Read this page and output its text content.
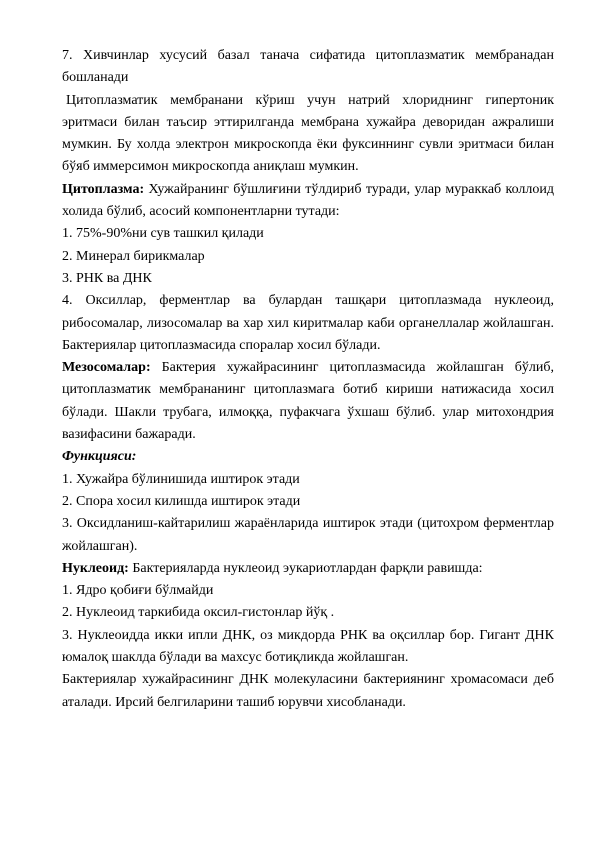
7. Хивчинлар хусусий базал танача сифатида цитоплазматик мембранадан бошланади

Цитоплазматик мембранани кўриш учун натрий хлориднинг гипертоник эритмаси билан таъсир эттирилганда мембрана хужайра деворидан ажралиши мумкин. Бу холда электрон микроскопда ёки фуксиннинг сувли эритмаси билан бўяб иммерсимон микроскопда аниқлаш мумкин.

Цитоплазма: Хужайранинг бўшлиғини тўлдириб туради, улар мураккаб коллоид холида бўлиб, асосий компонентларни тутади:

1. 75%-90%ни сув ташкил қилади

2. Минерал бирикмалар

3. РНК ва ДНК

4. Оксиллар, ферментлар ва булардан ташқари цитоплазмада нуклеоид, рибосомалар, лизосомалар ва хар хил киритмалар каби органеллалар жойлашган. Бактериялар цитоплазмасида споралар хосил бўлади.

Мезосомалар: Бактерия хужайрасининг цитоплазмасида жойлашган бўлиб, цитоплазматик мембрананинг цитоплазмага ботиб кириши натижасида хосил бўлади. Шакли трубага, илмоққа, пуфакчага ўхшаш бўлиб. улар митохондрия вазифасини бажаради.

Функцияси:

1. Хужайра бўлинишида иштирок этади

2. Спора хосил килишда иштирок этади

3. Оксидланиш-кайтарилиш жараёнларида иштирок этади (цитохром ферментлар жойлашган).

Нуклеоид: Бактерияларда нуклеоид эукариотлардан фарқли равишда:

1. Ядро қобиғи бўлмайди

2. Нуклеоид таркибида оксил-гистонлар йўқ .

3. Нуклеоидда икки ипли ДНК, оз микдорда РНК ва оқсиллар бор. Гигант ДНК юмалоқ шаклда бўлади ва махсус ботиқликда жойлашган.

Бактериялар хужайрасининг ДНК молекуласини бактериянинг хромасомаси деб аталади. Ирсий белгиларини ташиб юрувчи хисобланади.
